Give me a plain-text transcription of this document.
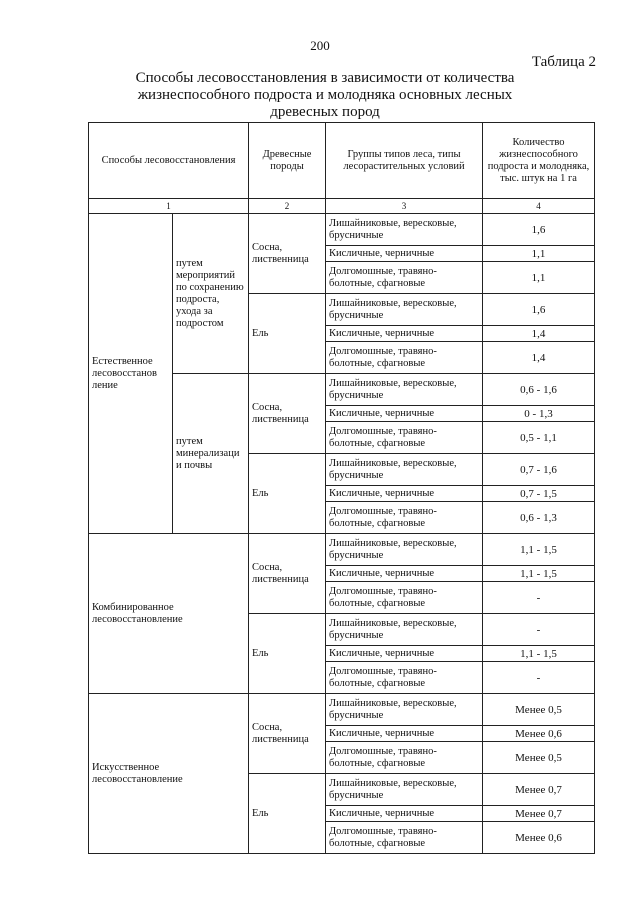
200
Таблица 2
Способы лесовосстановления в зависимости от количества
жизнеспособного подроста и молодняка основных лесных
древесных пород
Способы лесовосстановления		Древесные породы	Группы типов леса, типы лесорастительных условий	Количество жизнеспособного подроста и молодняка, тыс. штук на 1 га
1		2	3	4
Естественное лесовосстанов ление	путем мероприятий по сохранению подроста, ухода за подростом	Сосна, лиственница	Лишайниковые, вересковые, брусничные	1,6
			Кисличные, черничные	1,1
			Долгомошные, травяно-болотные, сфагновые	1,1
		Ель	Лишайниковые, вересковые, брусничные	1,6
			Кисличные, черничные	1,4
			Долгомошные, травяно-болотные, сфагновые	1,4
	путем минерализаци и почвы	Сосна, лиственница	Лишайниковые, вересковые, брусничные	0,6 - 1,6
			Кисличные, черничные	0 - 1,3
			Долгомошные, травяно-болотные, сфагновые	0,5 - 1,1
		Ель	Лишайниковые, вересковые, брусничные	0,7 - 1,6
			Кисличные, черничные	0,7 - 1,5
			Долгомошные, травяно-болотные, сфагновые	0,6 - 1,3
Комбинированное лесовосстановление		Сосна, лиственница	Лишайниковые, вересковые, брусничные	1,1 - 1,5
			Кисличные, черничные	1,1 - 1,5
			Долгомошные, травяно-болотные, сфагновые	-
		Ель	Лишайниковые, вересковые, брусничные	-
			Кисличные, черничные	1,1 - 1,5
			Долгомошные, травяно-болотные, сфагновые	-
Искусственное лесовосстановление		Сосна, лиственница	Лишайниковые, вересковые, брусничные	Менее 0,5
			Кисличные, черничные	Менее 0,6
			Долгомошные, травяно-болотные, сфагновые	Менее 0,5
		Ель	Лишайниковые, вересковые, брусничные	Менее 0,7
			Кисличные, черничные	Менее 0,7
			Долгомошные, травяно-болотные, сфагновые	Менее 0,6
